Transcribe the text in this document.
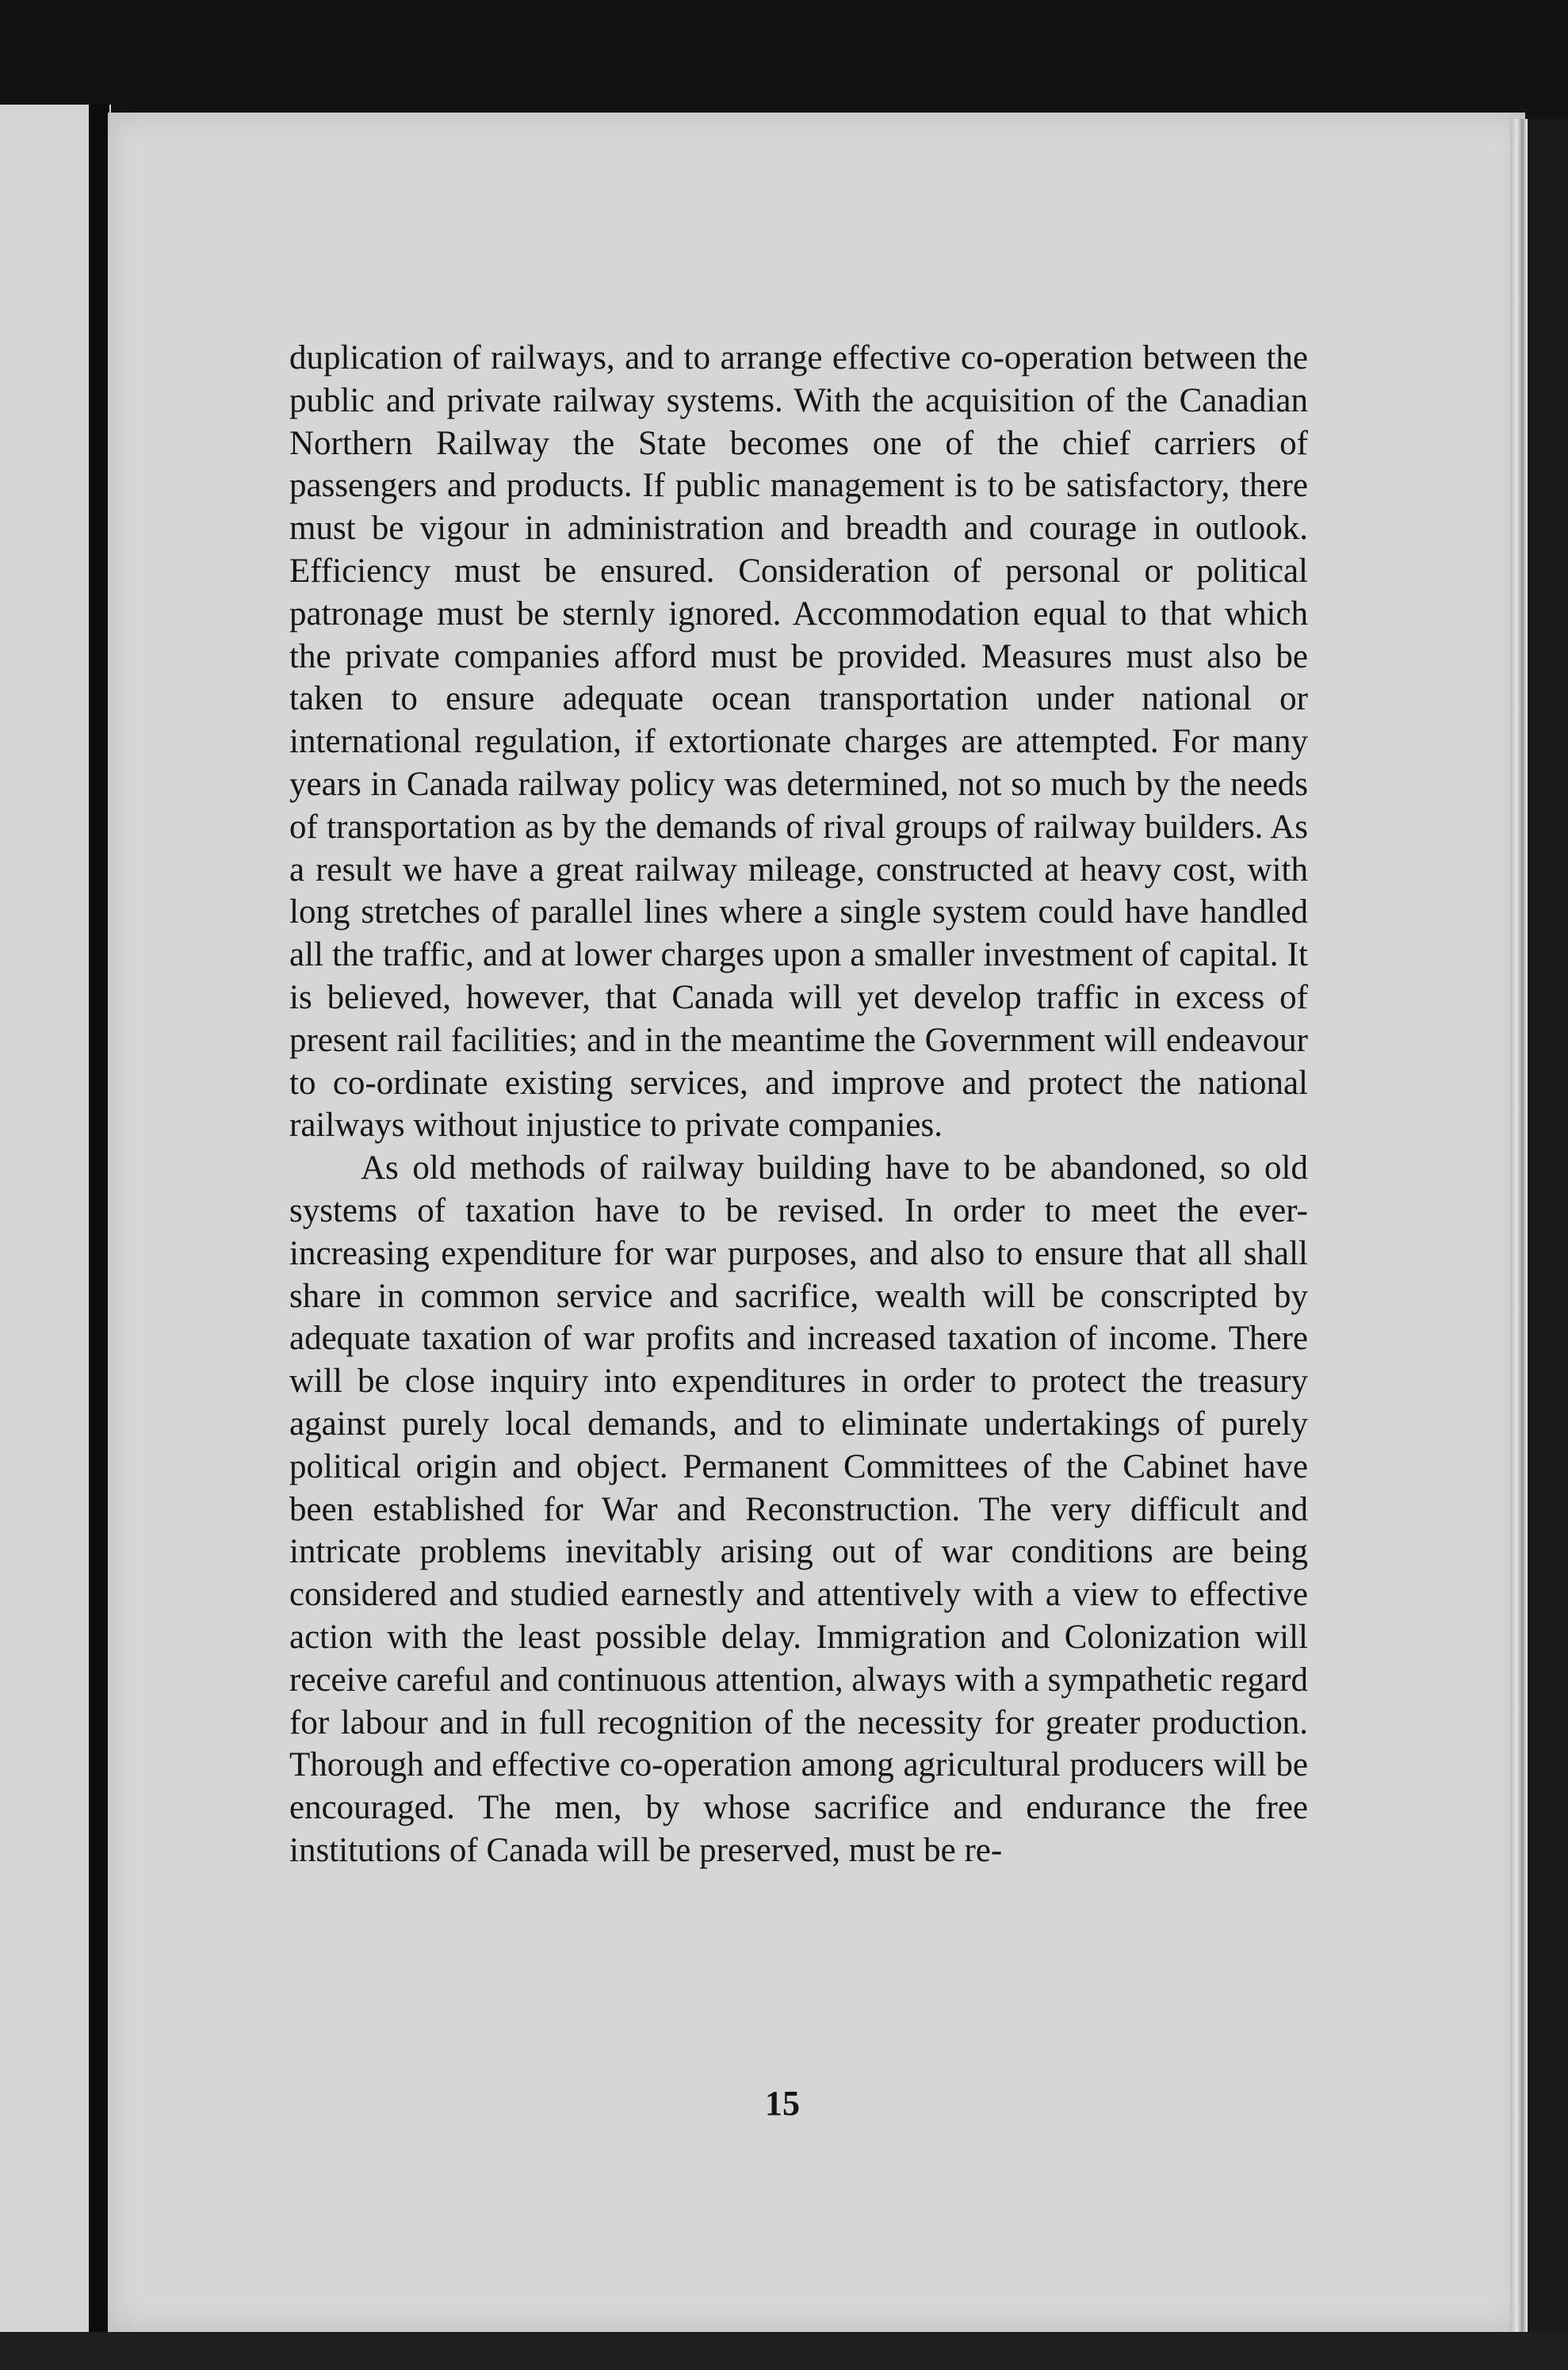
duplication of railways, and to arrange effective co-operation between the public and private railway systems. With the acquisition of the Canadian Northern Railway the State becomes one of the chief carriers of passengers and products. If public management is to be satisfactory, there must be vigour in administration and breadth and courage in outlook. Efficiency must be ensured. Consideration of personal or political patronage must be sternly ignored. Accommodation equal to that which the private companies afford must be provided. Measures must also be taken to ensure adequate ocean transportation under national or international regulation, if extortionate charges are attempted. For many years in Canada railway policy was determined, not so much by the needs of transportation as by the demands of rival groups of railway builders. As a result we have a great railway mileage, constructed at heavy cost, with long stretches of parallel lines where a single system could have handled all the traffic, and at lower charges upon a smaller investment of capital. It is believed, however, that Canada will yet develop traffic in excess of present rail facilities; and in the meantime the Government will endeavour to co-ordinate existing services, and improve and protect the national railways without injustice to private companies.

As old methods of railway building have to be abandoned, so old systems of taxation have to be revised. In order to meet the ever-increasing expenditure for war purposes, and also to ensure that all shall share in common service and sacrifice, wealth will be conscripted by adequate taxation of war profits and increased taxation of income. There will be close inquiry into expenditures in order to protect the treasury against purely local demands, and to eliminate undertakings of purely political origin and object. Permanent Committees of the Cabinet have been established for War and Reconstruction. The very difficult and intricate problems inevitably arising out of war conditions are being considered and studied earnestly and attentively with a view to effective action with the least possible delay. Immigration and Colonization will receive careful and continuous attention, always with a sympathetic regard for labour and in full recognition of the necessity for greater production. Thorough and effective co-operation among agricultural producers will be encouraged. The men, by whose sacrifice and endurance the free institutions of Canada will be preserved, must be re-

15
